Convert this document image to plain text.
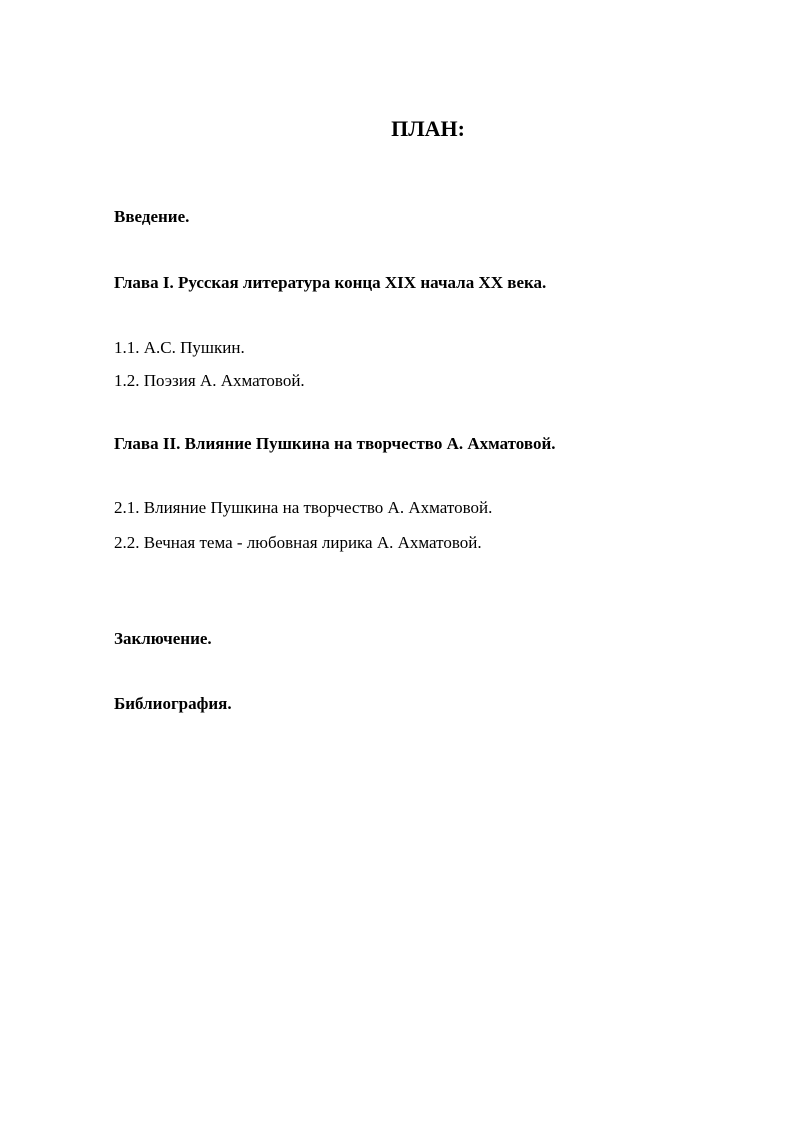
ПЛАН:
Введение.
Глава I. Русская литература конца XIX начала XX века.
1.1. А.С. Пушкин.
1.2. Поэзия А. Ахматовой.
Глава II. Влияние Пушкина на творчество А. Ахматовой.
2.1. Влияние Пушкина на творчество А. Ахматовой.
2.2. Вечная тема - любовная лирика А. Ахматовой.
Заключение.
Библиография.
